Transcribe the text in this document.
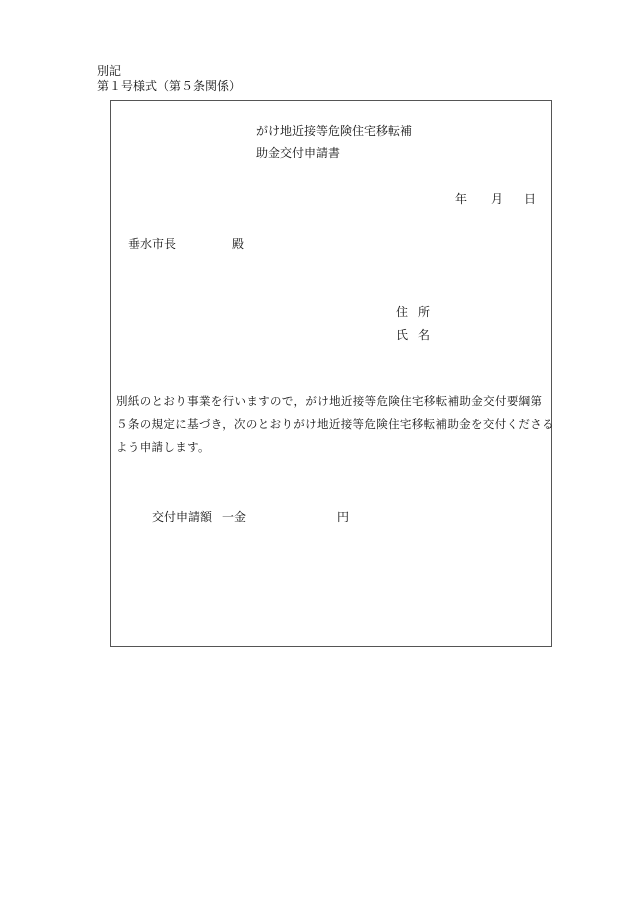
別記
第１号様式（第５条関係）
がけ地近接等危険住宅移転補
助金交付申請書
年 月 日
垂水市長	殿
住所
氏名
別紙のとおり事業を行いますので，がけ地近接等危険住宅移転補助金交付要綱第
５条の規定に基づき，次のとおりがけ地近接等危険住宅移転補助金を交付くださる
よう申請します。
交付申請額 一金	円
